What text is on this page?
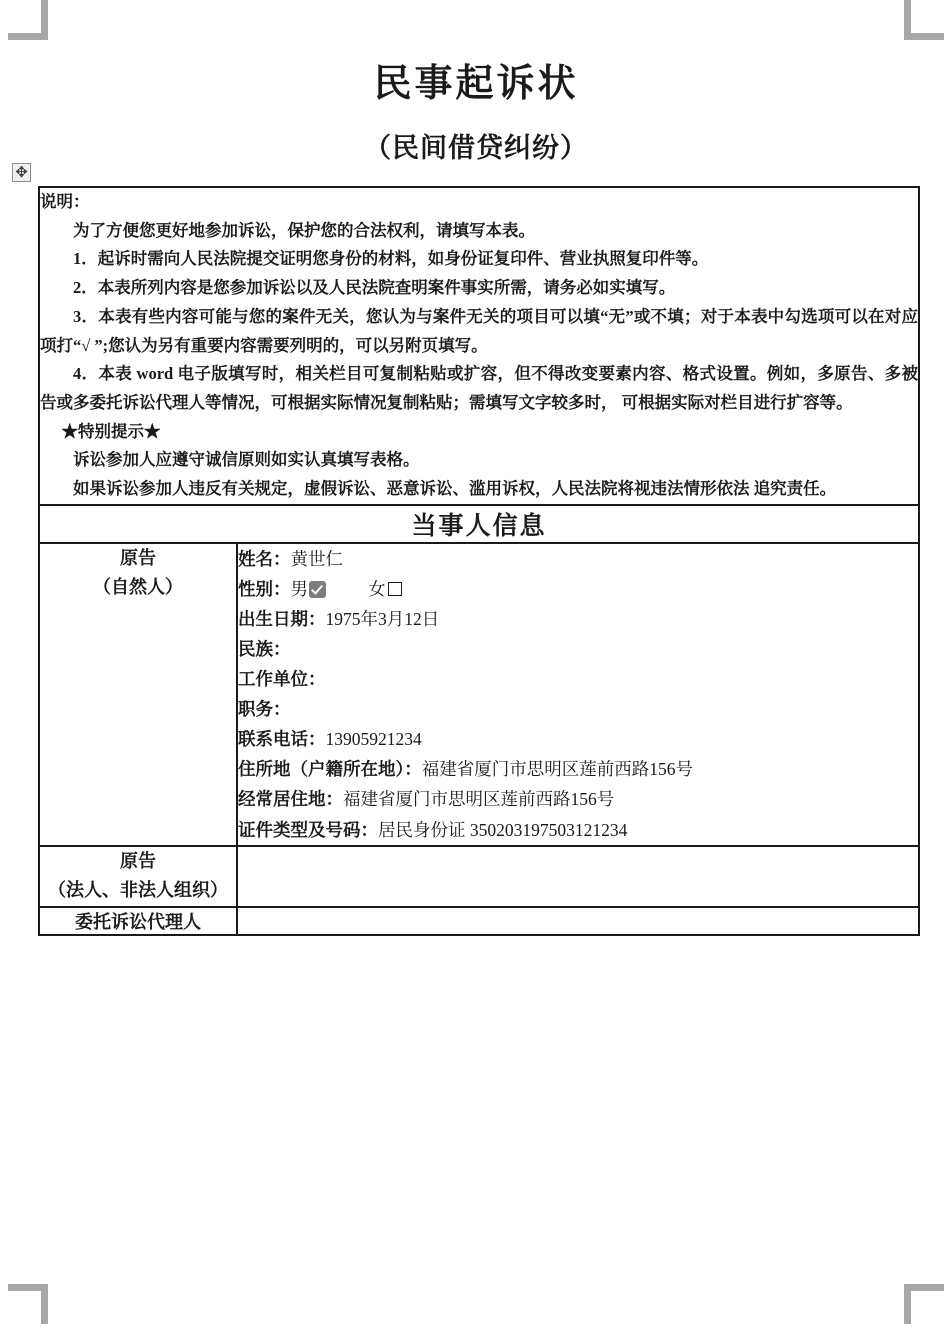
民事起诉状
（民间借贷纠纷）
✥

说明：

为了方便您更好地参加诉讼，保护您的合法权利，请填写本表。

1．起诉时需向人民法院提交证明您身份的材料，如身份证复印件、营业执照复印件等。

2．本表所列内容是您参加诉讼以及人民法院查明案件事实所需，请务必如实填写。

3．本表有些内容可能与您的案件无关，您认为与案件无关的项目可以填“无”或不填；对于本表中勾选项可以在对应项打“√ ”;您认为另有重要内容需要列明的，可以另附页填写。

4．本表 word 电子版填写时，相关栏目可复制粘贴或扩容，但不得改变要素内容、格式设置。例如，多原告、多被告或多委托诉讼代理人等情况，可根据实际情况复制粘贴；需填写文字较多时， 可根据实际对栏目进行扩容等。

★特别提示★

诉讼参加人应遵守诚信原则如实认真填写表格。

如果诉讼参加人违反有关规定，虚假诉讼、恶意诉讼、滥用诉权，人民法院将视违法情形依法 追究责任。

当事人信息	

原告
（自然人）

姓名：黄世仁
性别：男	女
出生日期：1975年3月12日
民族：
工作单位：
职务：
联系电话：13905921234
住所地（户籍所在地）：福建省厦门市思明区莲前西路156号
经常居住地：福建省厦门市思明区莲前西路156号
证件类型及号码：居民身份证 350203197503121234

原告
（法人、非法人组织）	

委托诉讼代理人	
